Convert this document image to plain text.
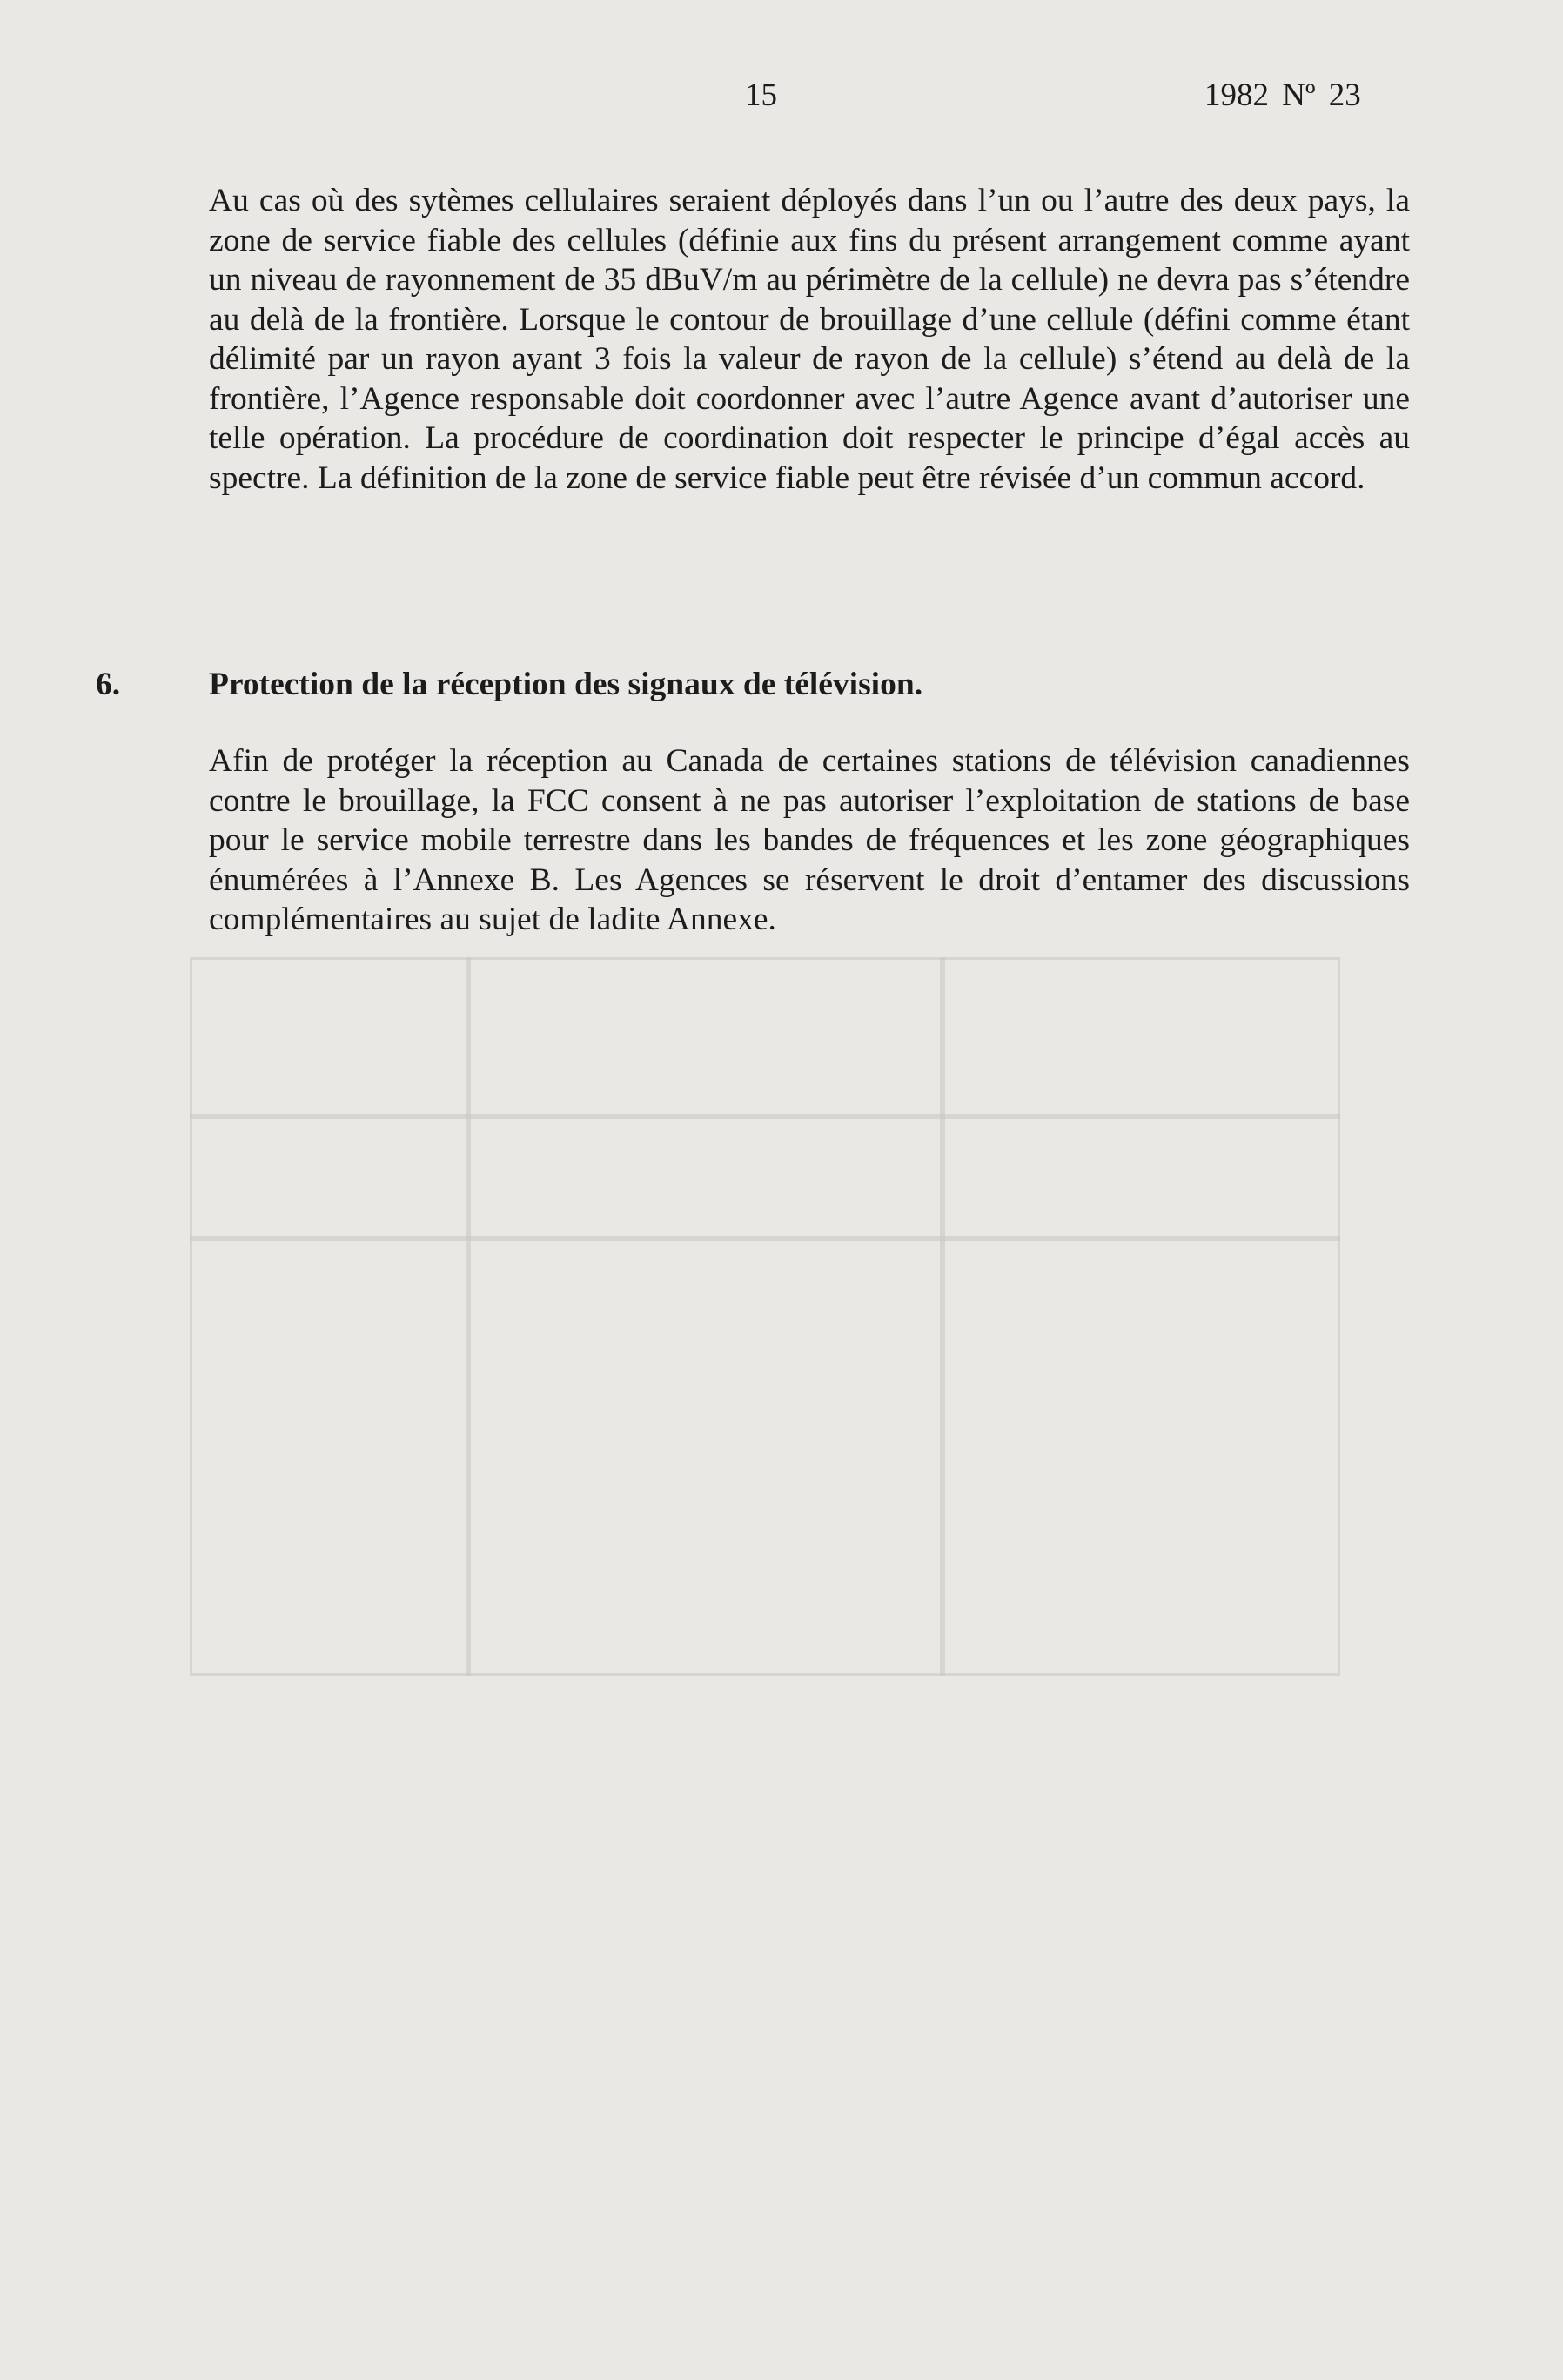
15	1982 Nº 23
Au cas où des sytèmes cellulaires seraient déployés dans l’un ou l’autre des deux pays, la zone de service fiable des cellules (définie aux fins du présent arrangement comme ayant un niveau de rayonnement de 35 dBuV/m au périmètre de la cellule) ne devra pas s’étendre au delà de la frontière. Lorsque le contour de brouillage d’une cellule (défini comme étant délimité par un rayon ayant 3 fois la valeur de rayon de la cellule) s’étend au delà de la frontière, l’Agence responsable doit coordonner avec l’autre Agence avant d’autoriser une telle opération. La procédure de coordination doit respecter le principe d’égal accès au spectre. La définition de la zone de service fiable peut être révisée d’un commun accord.
6.	Protection de la réception des signaux de télévision.
Afin de protéger la réception au Canada de certaines stations de télévision canadiennes contre le brouillage, la FCC consent à ne pas autoriser l’exploitation de stations de base pour le service mobile terrestre dans les bandes de fréquences et les zone géographiques énumérées à l’Annexe B. Les Agences se réservent le droit d’entamer des discussions complémentaires au sujet de ladite Annexe.
